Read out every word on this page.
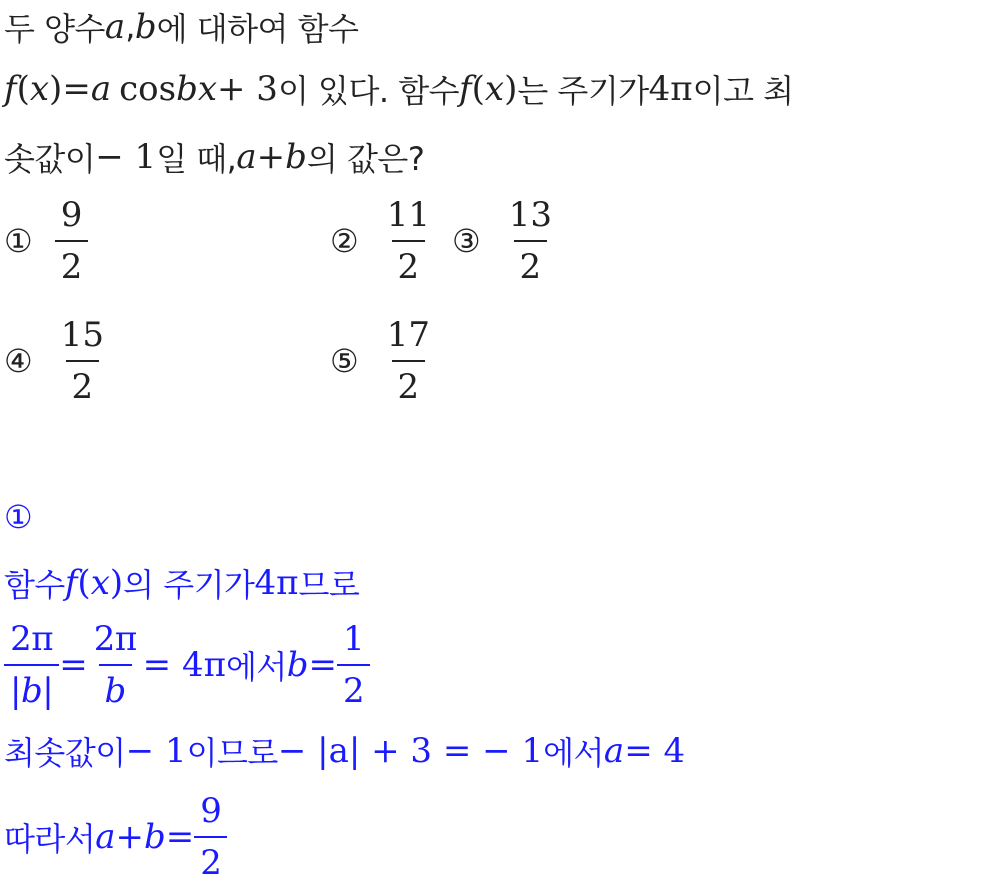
두 양수 a , b 에 대하여 함수
f ( x ) = a cos b x + 3 이 있다. 함수 f ( x ) 는 주기가 4π 이고 최
솟값이 − 1 일 때, a + b 의 값은?
① $\frac{9}{2}$	② $\frac{11}{2}$ ③ $\frac{13}{2}$
④ $\frac{15}{2}$	⑤ $\frac{17}{2}$
①
함수 f ( x ) 의 주기가 4π 므로
$\frac{2\pi}{|b|} = \frac{2\pi}{b} = 4\pi$ 에서 $b = \frac{1}{2}$
최솟값이 − 1 이므로 − |a| + 3 = − 1 에서 a = 4
따라서 $a + b = \frac{9}{2}$
